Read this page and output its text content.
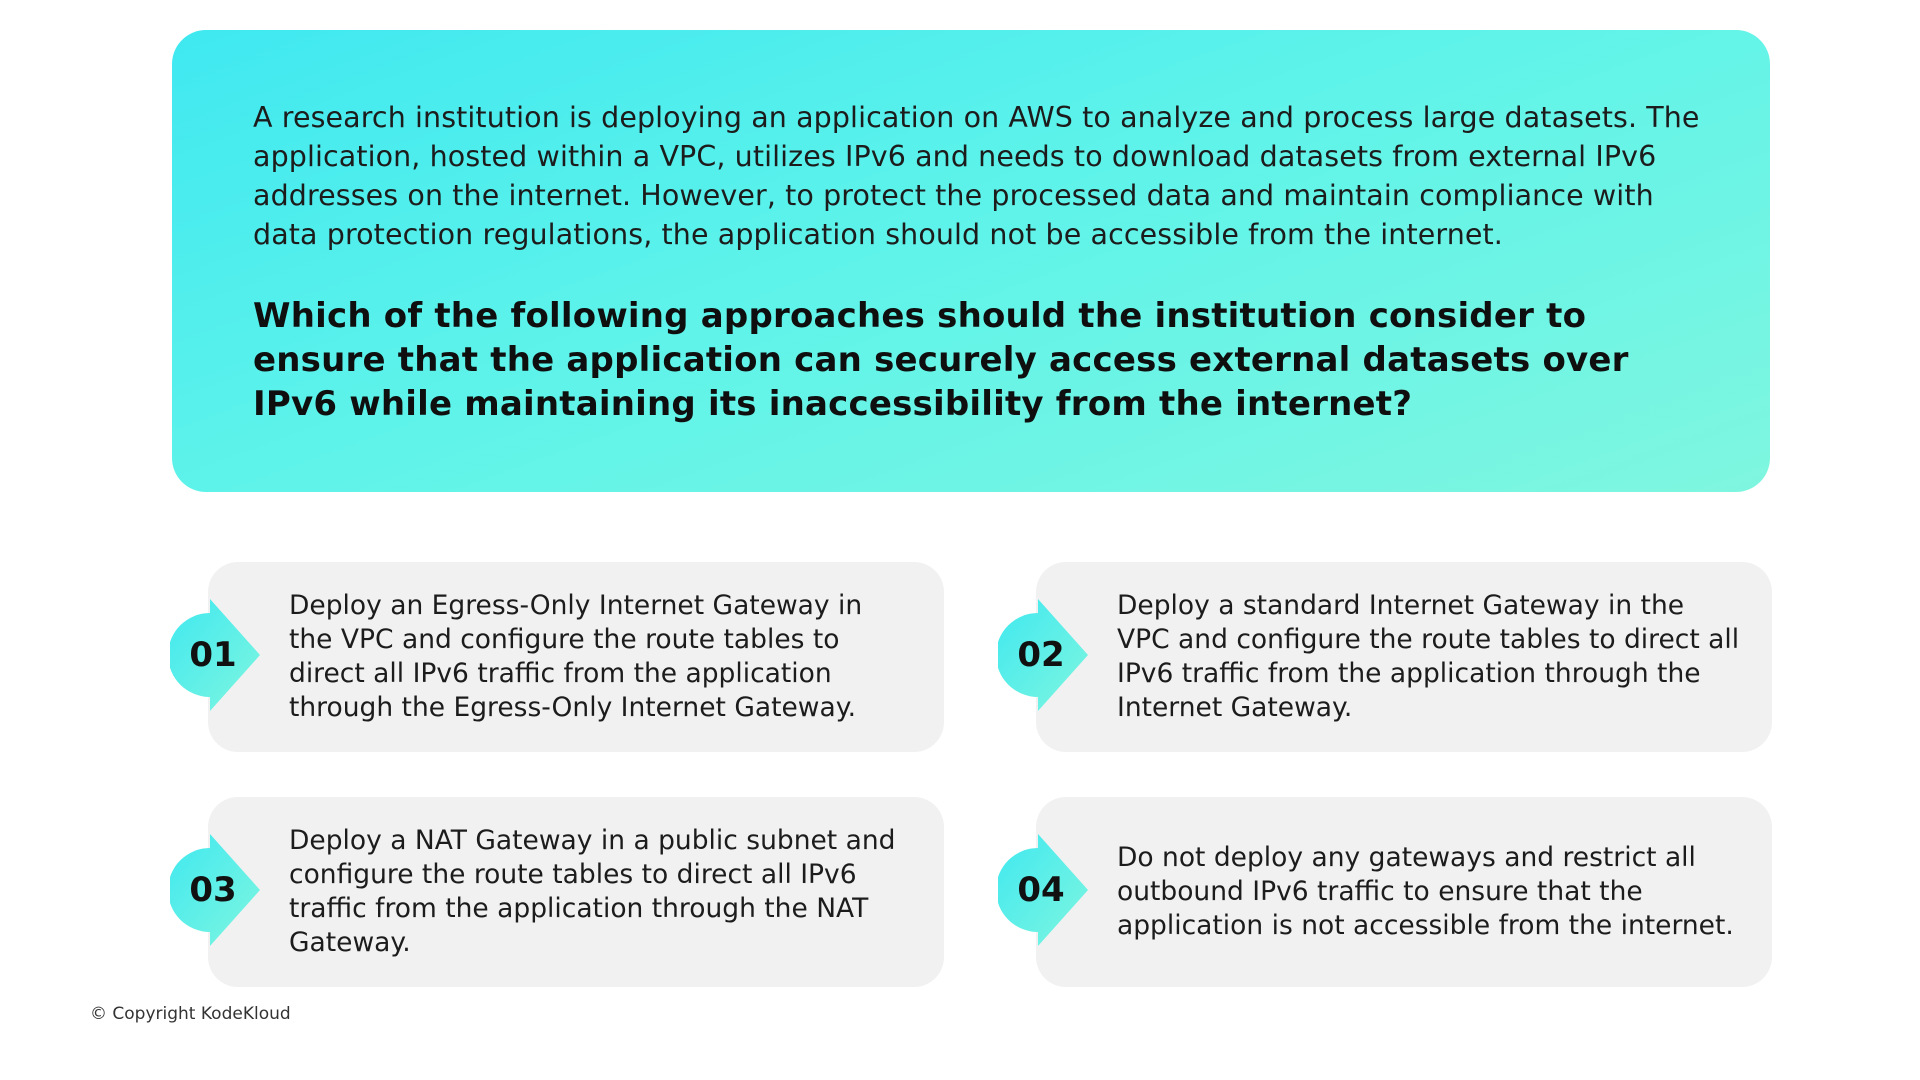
A research institution is deploying an application on AWS to analyze and process large datasets. The application, hosted within a VPC, utilizes IPv6 and needs to download datasets from external IPv6 addresses on the internet. However, to protect the processed data and maintain compliance with data protection regulations, the application should not be accessible from the internet.

Which of the following approaches should the institution consider to ensure that the application can securely access external datasets over IPv6 while maintaining its inaccessibility from the internet?

Deploy an Egress-Only Internet Gateway in the VPC and configure the route tables to direct all IPv6 traffic from the application through the Egress-Only Internet Gateway.

01

Deploy a standard Internet Gateway in the VPC and configure the route tables to direct all IPv6 traffic from the application through the Internet Gateway.

02

Deploy a NAT Gateway in a public subnet and configure the route tables to direct all IPv6 traffic from the application through the NAT Gateway.

03

Do not deploy any gateways and restrict all outbound IPv6 traffic to ensure that the application is not accessible from the internet.

04
© Copyright KodeKloud
